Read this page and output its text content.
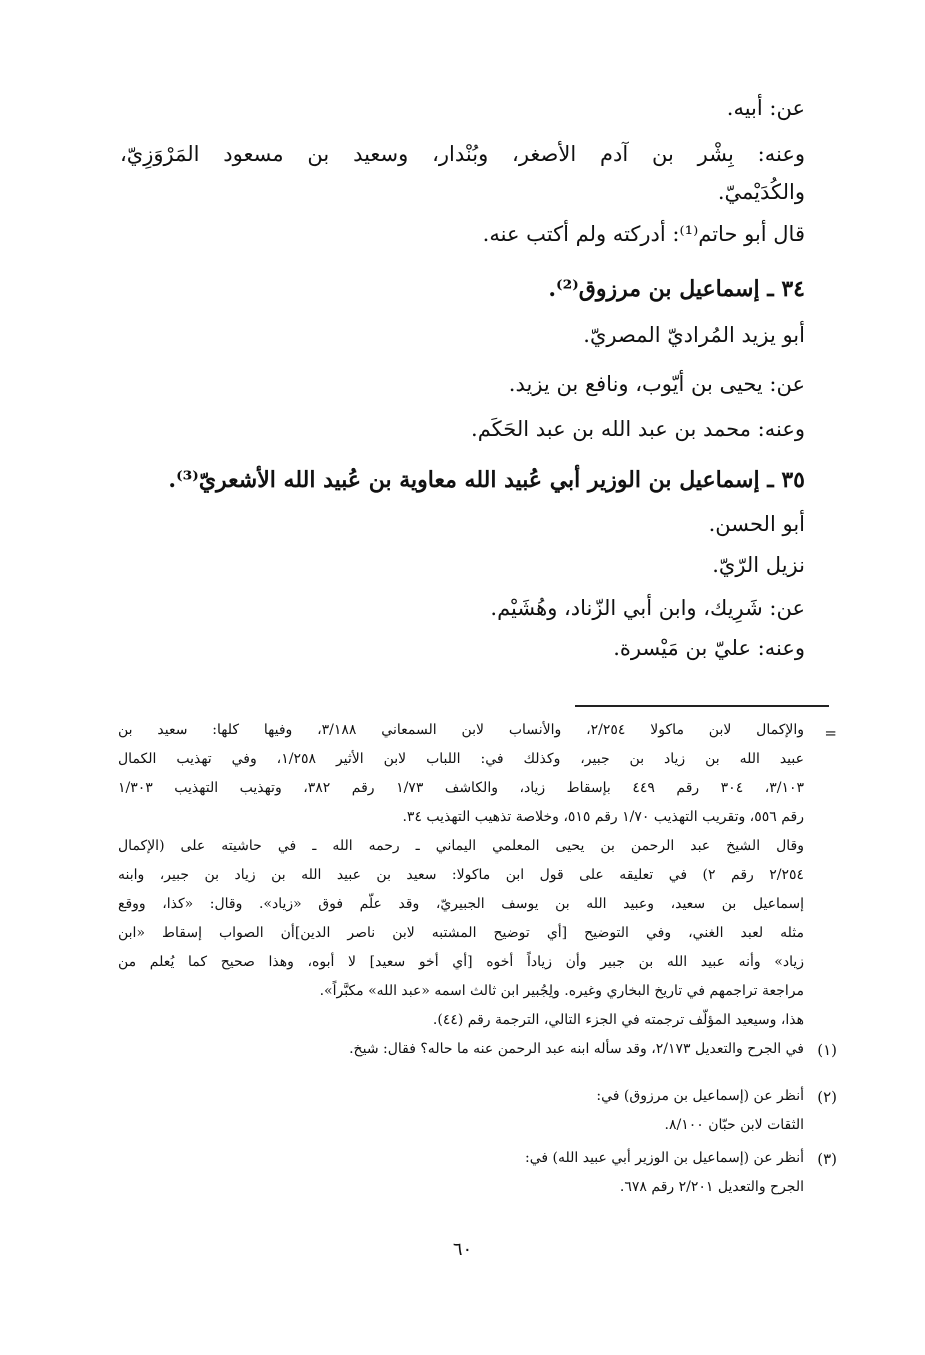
عن: أبيه.
وعنه: بِشْر بن آدم الأصغر، وبُنْدار، وسعيد بن مسعود المَرْوَزِيّ،
والكُدَيْميّ.
قال أبو حاتم⁽¹⁾: أدركته ولم أكتب عنه.
٣٤ ـ إسماعيل بن مرزوق⁽²⁾.
أبو يزيد المُراديّ المصريّ.
عن: يحيى بن أيّوب، ونافع بن يزيد.
وعنه: محمد بن عبد الله بن عبد الحَكَم.
٣٥ ـ إسماعيل بن الوزير أبي عُبيد الله معاوية بن عُبيد الله الأشعريّ⁽³⁾.
أبو الحسن.
نزيل الرّيّ.
عن: شَرِيك، وابن أبي الزّناد، وهُشَيْم.
وعنه: عليّ بن مَيْسرة.
=
والإكمال لابن ماكولا ٢/٢٥٤، والأنساب لابن السمعاني ٣/١٨٨، وفيها كلها: سعيد بن
عبيد الله بن زياد بن جبير، وكذلك في: اللباب لابن الأثير ١/٢٥٨، وفي تهذيب الكمال
٣/١٠٣، ٣٠٤ رقم ٤٤٩ بإسقاط زياد، والكاشف ١/٧٣ رقم ٣٨٢، وتهذيب التهذيب ١/٣٠٣
رقم ٥٥٦، وتقريب التهذيب ١/٧٠ رقم ٥١٥، وخلاصة تذهيب التهذيب ٣٤.
وقال الشيخ عبد الرحمن بن يحيى المعلمي اليماني ـ رحمه الله ـ في حاشيته على (الإكمال
٢/٢٥٤ رقم ٢) في تعليقه على قول ابن ماكولا: سعيد بن عبيد الله بن زياد بن جبير، وابنه
إسماعيل بن سعيد، وعبيد الله بن يوسف الجبيريّ، وقد علّم فوق «زياد». وقال: «كذا، ووقع
مثله لعبد الغني، وفي التوضيح [أي توضيح المشتبه لابن ناصر الدين]أن الصواب إسقاط «ابن
زياد» وأنه عبيد الله بن جبير وأن زياداً أخوه [أي أخو سعيد] لا أبوه، وهذا صحيح كما يُعلم من
مراجعة تراجمهم في تاريخ البخاري وغيره. ولِجُبير ابن ثالث اسمه «عبد الله» مكبَّراً».
هذا، وسيعيد المؤلّف ترجمته في الجزء التالي، الترجمة رقم (٤٤).
(١)
في الجرح والتعديل ٢/١٧٣، وقد سأله ابنه عبد الرحمن عنه ما حاله؟ فقال: شيخ.
(٢)
أنظر عن (إسماعيل بن مرزوق) في:
الثقات لابن حبّان ٨/١٠٠.
(٣)
أنظر عن (إسماعيل بن الوزير أبي عبيد الله) في:
الجرح والتعديل ٢/٢٠١ رقم ٦٧٨.
٦٠
